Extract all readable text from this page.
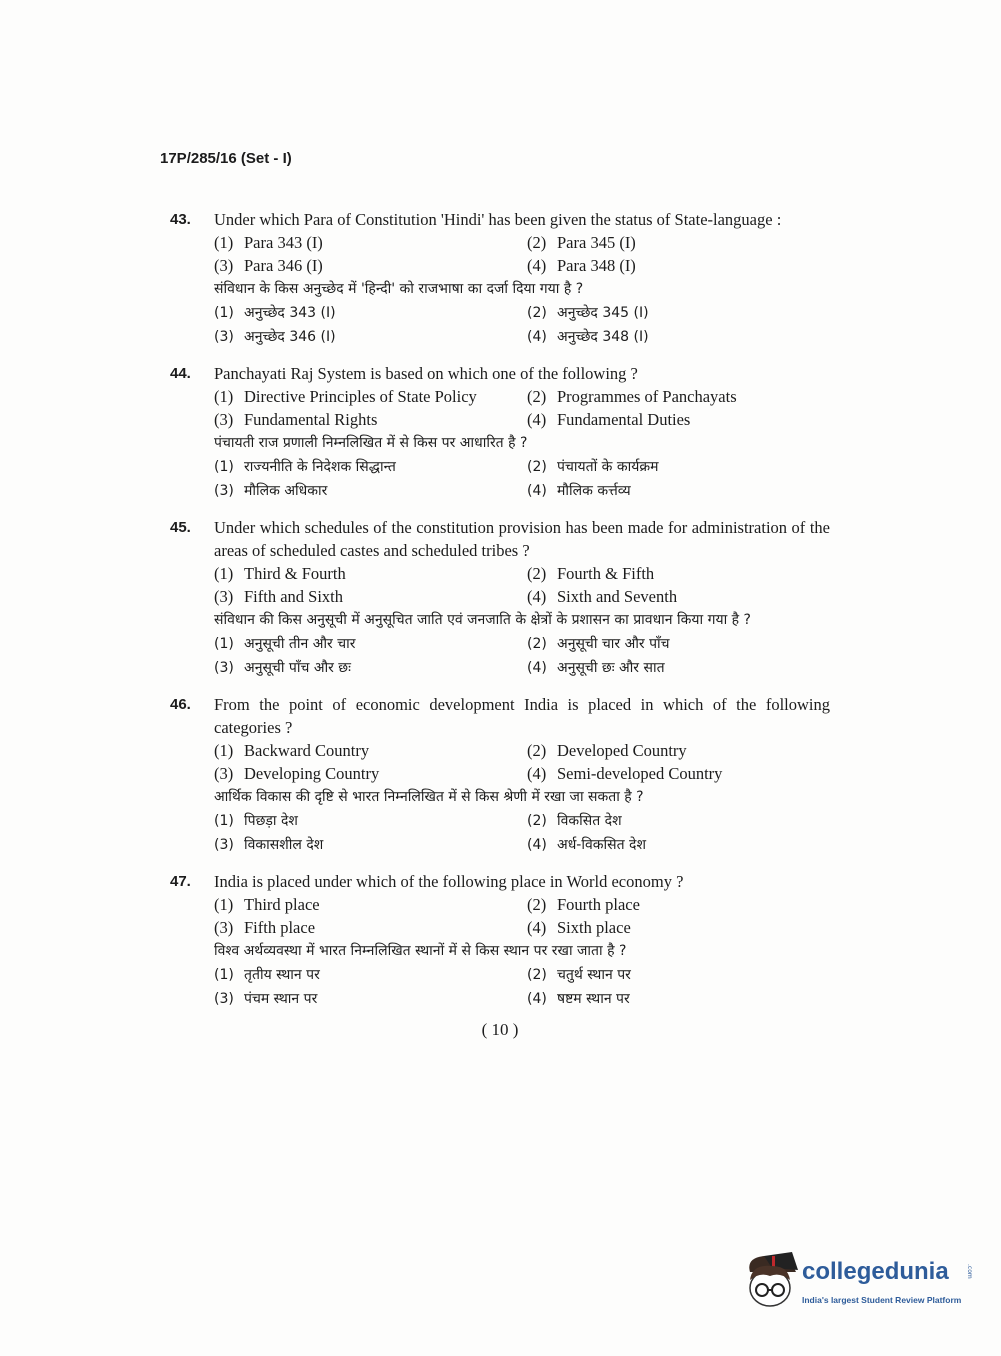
17P/285/16 (Set - I)
43. Under which Para of Constitution 'Hindi' has been given the status of State-language :
(1) Para 343 (I)	(2) Para 345 (I)
(3) Para 346 (I)	(4) Para 348 (I)
संविधान के किस अनुच्छेद में 'हिन्दी' को राजभाषा का दर्जा दिया गया है ?
(1) अनुच्छेद 343 (I)	(2) अनुच्छेद 345 (I)
(3) अनुच्छेद 346 (I)	(4) अनुच्छेद 348 (I)
44. Panchayati Raj System is based on which one of the following ?
(1) Directive Principles of State Policy	(2) Programmes of Panchayats
(3) Fundamental Rights	(4) Fundamental Duties
पंचायती राज प्रणाली निम्नलिखित में से किस पर आधारित है ?
(1) राज्यनीति के निदेशक सिद्धान्त	(2) पंचायतों के कार्यक्रम
(3) मौलिक अधिकार	(4) मौलिक कर्त्तव्य
45. Under which schedules of the constitution provision has been made for administration of the areas of scheduled castes and scheduled tribes ?
(1) Third & Fourth	(2) Fourth & Fifth
(3) Fifth and Sixth	(4) Sixth and Seventh
संविधान की किस अनुसूची में अनुसूचित जाति एवं जनजाति के क्षेत्रों के प्रशासन का प्रावधान किया गया है ?
(1) अनुसूची तीन और चार	(2) अनुसूची चार और पाँच
(3) अनुसूची पाँच और छः	(4) अनुसूची छः और सात
46. From the point of economic development India is placed in which of the following categories ?
(1) Backward Country	(2) Developed Country
(3) Developing Country	(4) Semi-developed Country
आर्थिक विकास की दृष्टि से भारत निम्नलिखित में से किस श्रेणी में रखा जा सकता है ?
(1) पिछड़ा देश	(2) विकसित देश
(3) विकासशील देश	(4) अर्ध-विकसित देश
47. India is placed under which of the following place in World economy ?
(1) Third place	(2) Fourth place
(3) Fifth place	(4) Sixth place
विश्व अर्थव्यवस्था में भारत निम्नलिखित स्थानों में से किस स्थान पर रखा जाता है ?
(1) तृतीय स्थान पर	(2) चतुर्थ स्थान पर
(3) पंचम स्थान पर	(4) षष्टम स्थान पर
( 10 )
collegedunia	.com
India's largest Student Review Platform
